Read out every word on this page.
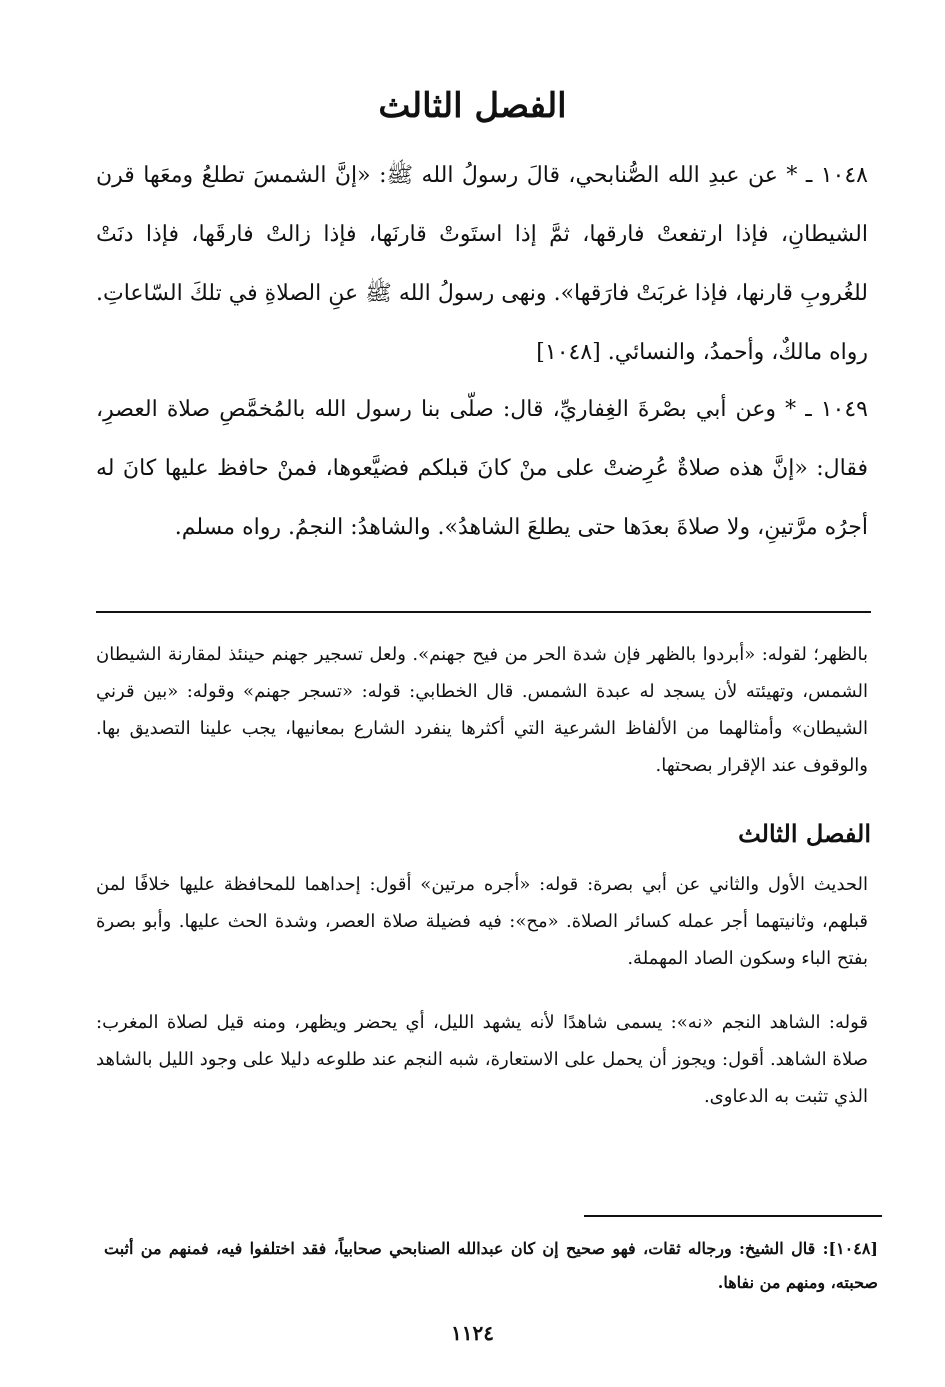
الفصل الثالث
١٠٤٨ ـ * عن عبدِ الله الصُّنابحي، قالَ رسولُ الله ﷺ: «إنَّ الشمسَ تطلعُ ومعَها قرن الشيطانِ، فإذا ارتفعتْ فارقها، ثمَّ إذا استَوتْ قارنَها، فإذا زالتْ فارقَها، فإذا دنَتْ للغُروبِ قارنها، فإذا غربَتْ فارَقها». ونهى رسولُ الله ﷺ عنِ الصلاةِ في تلكَ السّاعاتِ. رواه مالكٌ، وأحمدُ، والنسائي. [١٠٤٨]
١٠٤٩ ـ * وعن أبي بصْرةَ الغِفاريِّ، قال: صلّى بنا رسول الله بالمُخمَّصِ صلاة العصرِ، فقال: «إنَّ هذه صلاةٌ عُرِضتْ على منْ كانَ قبلكم فضيَّعوها، فمنْ حافظ عليها كانَ له أجرُه مرَّتينِ، ولا صلاةَ بعدَها حتى يطلعَ الشاهدُ». والشاهدُ: النجمُ. رواه مسلم.
بالظهر؛ لقوله: «أبردوا بالظهر فإن شدة الحر من فيح جهنم». ولعل تسجير جهنم حينئذ لمقارنة الشيطان الشمس، وتهيئته لأن يسجد له عبدة الشمس. قال الخطابي: قوله: «تسجر جهنم» وقوله: «بين قرني الشيطان» وأمثالهما من الألفاظ الشرعية التي أكثرها ينفرد الشارع بمعانيها، يجب علينا التصديق بها. والوقوف عند الإقرار بصحتها.
الفصل الثالث
الحديث الأول والثاني عن أبي بصرة: قوله: «أجره مرتين» أقول: إحداهما للمحافظة عليها خلافًا لمن قبلهم، وثانيتهما أجر عمله كسائر الصلاة. «مح»: فيه فضيلة صلاة العصر، وشدة الحث عليها. وأبو بصرة بفتح الباء وسكون الصاد المهملة.
قوله: الشاهد النجم «نه»: يسمى شاهدًا لأنه يشهد الليل، أي يحضر ويظهر، ومنه قيل لصلاة المغرب: صلاة الشاهد. أقول: ويجوز أن يحمل على الاستعارة، شبه النجم عند طلوعه دليلا على وجود الليل بالشاهد الذي تثبت به الدعاوى.
[١٠٤٨]: قال الشيخ: ورجاله ثقات، فهو صحيح إن كان عبدالله الصنابحي صحابياً، فقد اختلفوا فيه، فمنهم من أثبت صحبته، ومنهم من نفاها.
١١٢٤
